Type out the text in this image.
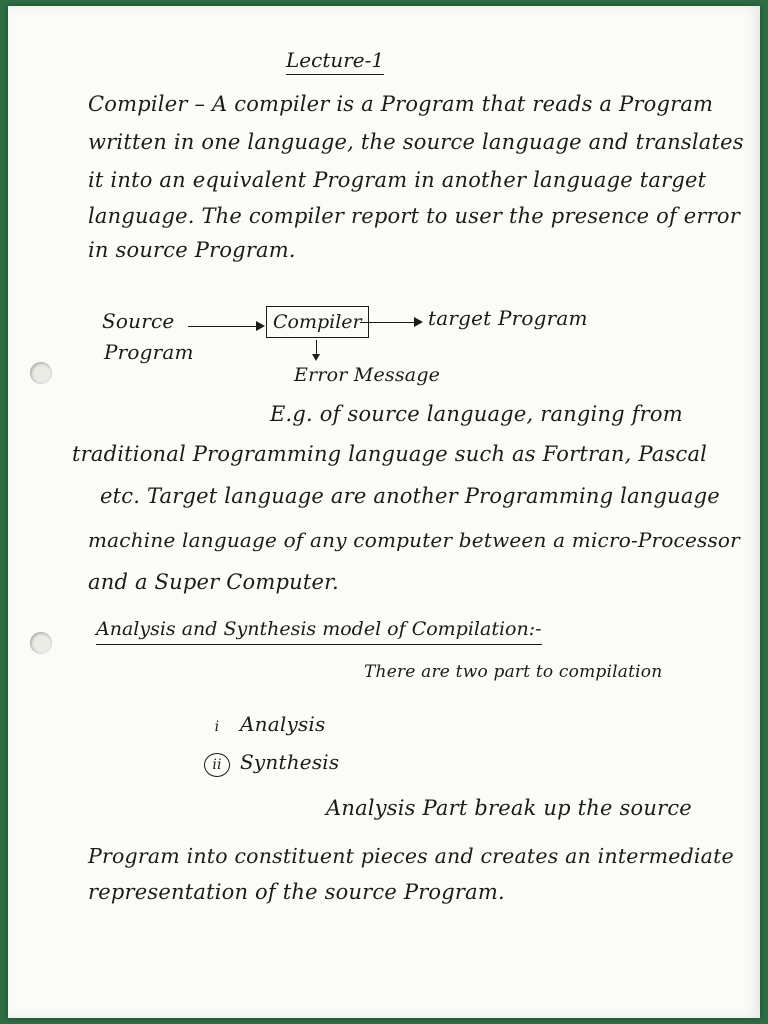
Lecture-1
Compiler – A compiler is a Program that reads a Program
written in one language, the source language and translates
it into an equivalent Program in another language target
language. The compiler report to user the presence of error
in source Program.
Source
Program
Compiler	target Program
Error Message
E.g. of source language, ranging from
traditional Programming language such as Fortran, Pascal
etc. Target language are another Programming language
machine language of any computer between a micro-Processor
and a Super Computer.
Analysis and Synthesis model of Compilation:-
There are two part to compilation
i Analysis
ii Synthesis
Analysis Part break up the source
Program into constituent pieces and creates an intermediate
representation of the source Program.
